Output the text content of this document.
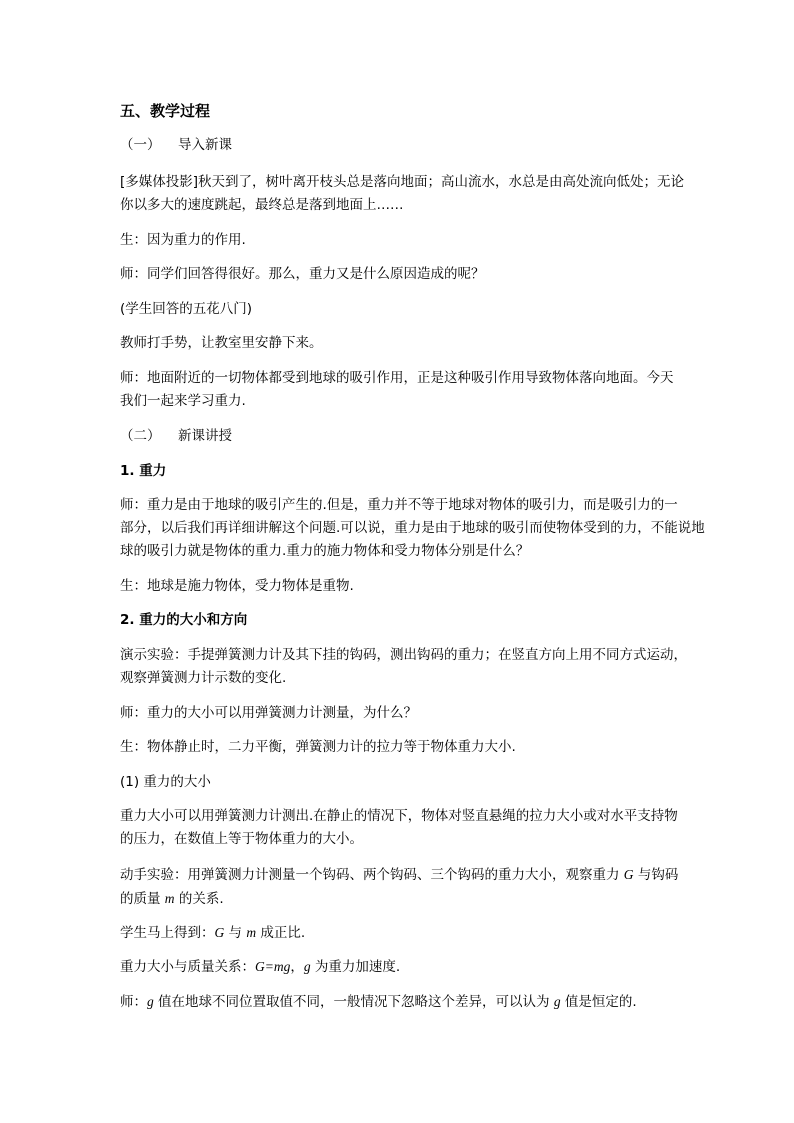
五、教学过程

（一） 导入新课

[多媒体投影]秋天到了，树叶离开枝头总是落向地面；高山流水，水总是由高处流向低处；无论
你以多大的速度跳起，最终总是落到地面上……

生：因为重力的作用.

师：同学们回答得很好。那么，重力又是什么原因造成的呢？

(学生回答的五花八门)

教师打手势，让教室里安静下来。

师：地面附近的一切物体都受到地球的吸引作用，正是这种吸引作用导致物体落向地面。今天
我们一起来学习重力.

（二） 新课讲授

1. 重力

师：重力是由于地球的吸引产生的.但是，重力并不等于地球对物体的吸引力，而是吸引力的一
部分，以后我们再详细讲解这个问题.可以说，重力是由于地球的吸引而使物体受到的力，不能说地
球的吸引力就是物体的重力.重力的施力物体和受力物体分别是什么？

生：地球是施力物体，受力物体是重物.

2. 重力的大小和方向

演示实验：手提弹簧测力计及其下挂的钩码，测出钩码的重力；在竖直方向上用不同方式运动，
观察弹簧测力计示数的变化.

师：重力的大小可以用弹簧测力计测量，为什么？

生：物体静止时，二力平衡，弹簧测力计的拉力等于物体重力大小.

(1) 重力的大小

重力大小可以用弹簧测力计测出.在静止的情况下，物体对竖直悬绳的拉力大小或对水平支持物
的压力，在数值上等于物体重力的大小。

动手实验：用弹簧测力计测量一个钩码、两个钩码、三个钩码的重力大小，观察重力 G 与钩码
的质量 m 的关系.

学生马上得到：G 与 m 成正比.

重力大小与质量关系：G=mg，g 为重力加速度.

师：g 值在地球不同位置取值不同，一般情况下忽略这个差异，可以认为 g 值是恒定的.
